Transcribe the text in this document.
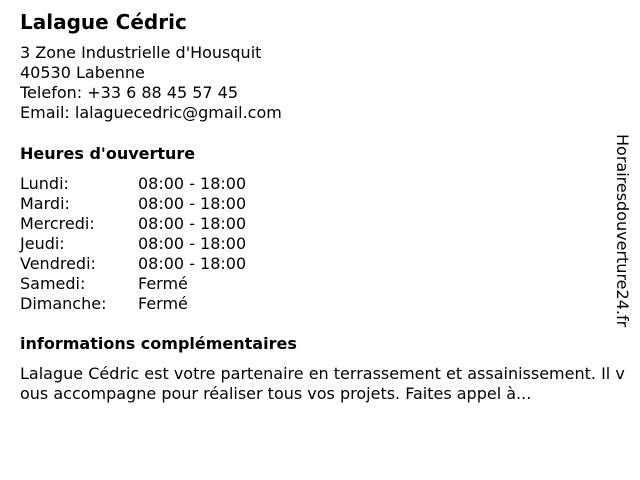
Lalague Cédric
3 Zone Industrielle d'Housquit
40530 Labenne
Telefon: +33 6 88 45 57 45
Email: lalaguecedric@gmail.com
Heures d'ouverture
Lundi:	08:00 - 18:00
Mardi:	08:00 - 18:00
Mercredi:	08:00 - 18:00
Jeudi:	08:00 - 18:00
Vendredi:	08:00 - 18:00
Samedi:	Fermé
Dimanche:	Fermé
informations complémentaires
Lalague Cédric est votre partenaire en terrassement et assainissement. Il vous accompagne pour réaliser tous vos projets. Faites appel à...
Horairesdouverture24.fr
